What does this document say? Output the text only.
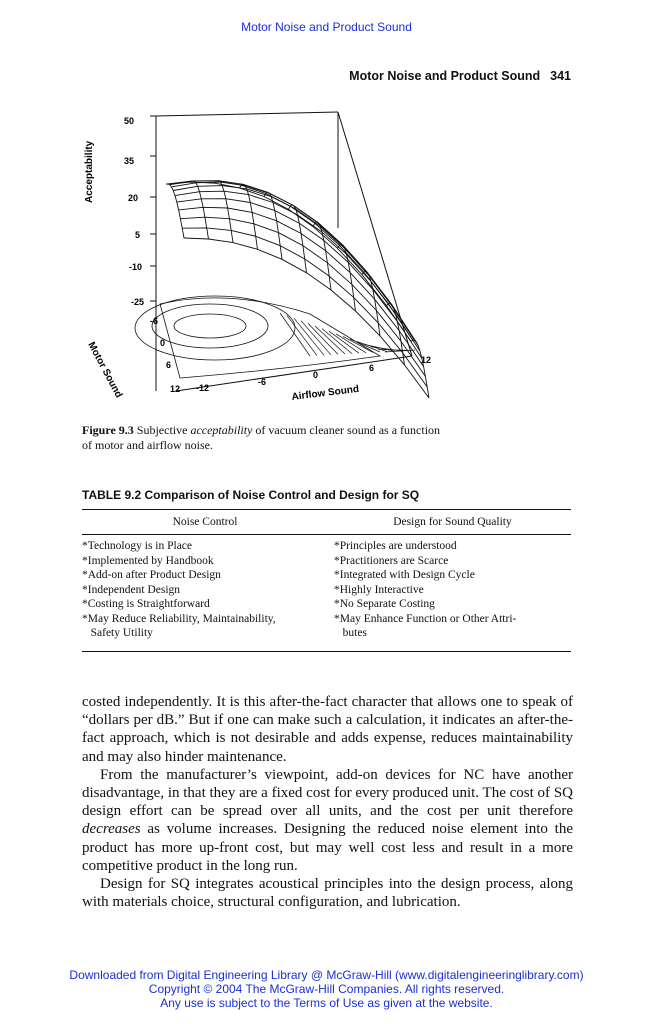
Motor Noise and Product Sound
Motor Noise and Product Sound 341
Acceptability
50
35
20
5
-10
-25
-6
0
6
12
Motor Sound	-12
-6
0
6
12
Airflow Sound
Figure 9.3 Subjective acceptability of vacuum cleaner sound as a function of motor and airflow noise.
TABLE 9.2 Comparison of Noise Control and Design for SQ
Noise Control	Design for Sound Quality
*Technology is in Place
*Implemented by Handbook
*Add-on after Product Design
*Independent Design
*Costing is Straightforward
*May Reduce Reliability, Maintainability,
Safety Utility
*Principles are understood
*Practitioners are Scarce
*Integrated with Design Cycle
*Highly Interactive
*No Separate Costing
*May Enhance Function or Other Attri-
butes

costed independently. It is this after-the-fact character that allows one to speak of “dollars per dB.” But if one can make such a calculation, it indicates an after-the-fact approach, which is not desirable and adds expense, reduces maintainability and may also hinder maintenance.

From the manufacturer’s viewpoint, add-on devices for NC have another disadvantage, in that they are a fixed cost for every produced unit. The cost of SQ design effort can be spread over all units, and the cost per unit therefore decreases as volume increases. Designing the reduced noise element into the product has more up-front cost, but may well cost less and result in a more competitive product in the long run.

Design for SQ integrates acoustical principles into the design process, along with materials choice, structural configuration, and lubrication.

Downloaded from Digital Engineering Library @ McGraw-Hill (www.digitalengineeringlibrary.com)
Copyright © 2004 The McGraw-Hill Companies. All rights reserved.
Any use is subject to the Terms of Use as given at the website.
